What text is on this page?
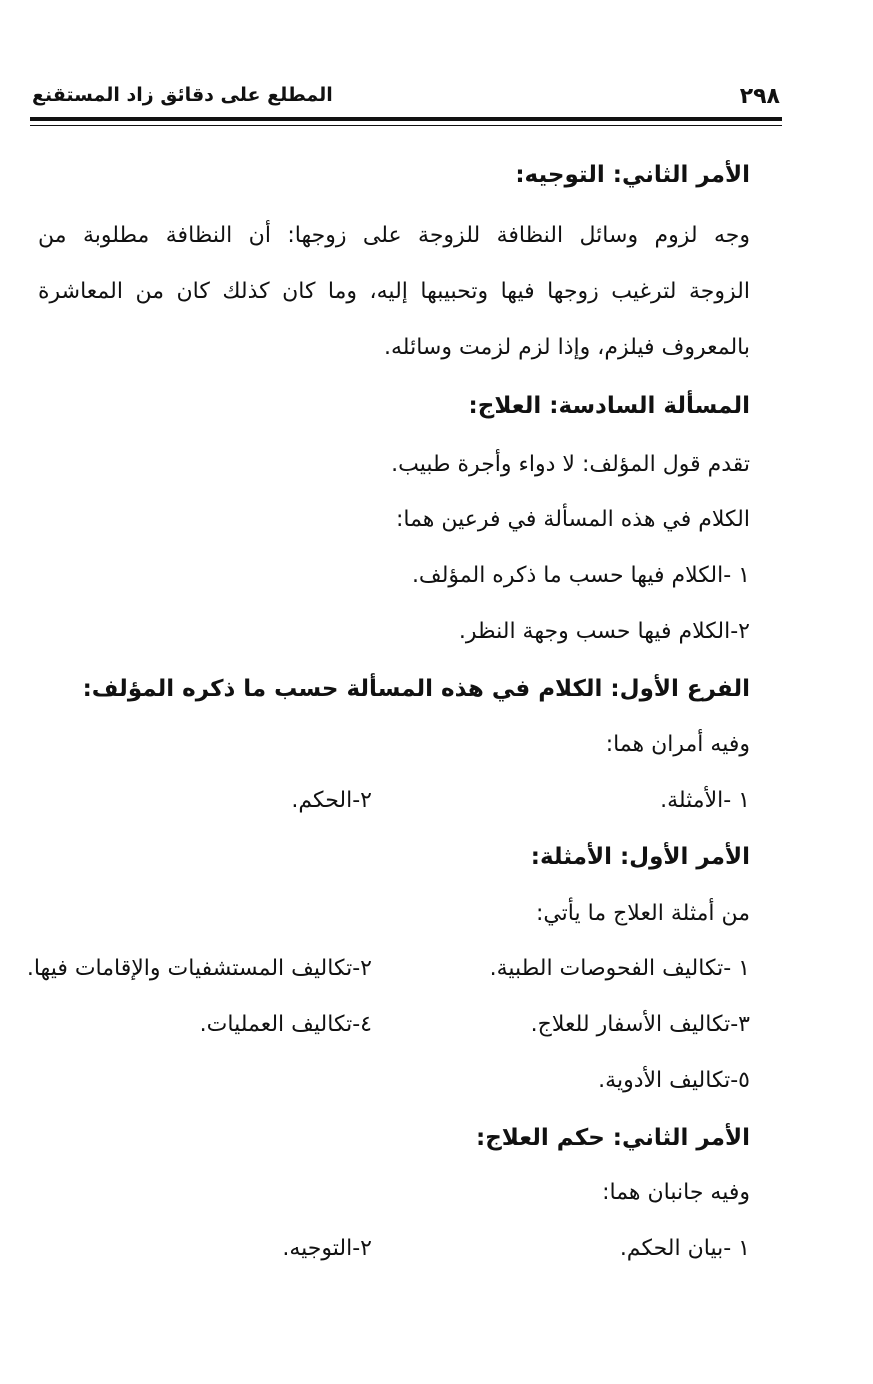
٢٩٨
المطلع على دقائق زاد المستقنع
الأمر الثاني: التوجيه:
وجه لزوم وسائل النظافة للزوجة على زوجها: أن النظافة مطلوبة من
الزوجة لترغيب زوجها فيها وتحبيبها إليه، وما كان كذلك كان من المعاشرة
بالمعروف فيلزم، وإذا لزم لزمت وسائله.
المسألة السادسة: العلاج:
تقدم قول المؤلف: لا دواء وأجرة طبيب.
الكلام في هذه المسألة في فرعين هما:
١ -الكلام فيها حسب ما ذكره المؤلف.
٢-الكلام فيها حسب وجهة النظر.
الفرع الأول: الكلام في هذه المسألة حسب ما ذكره المؤلف:
وفيه أمران هما:
١ -الأمثلة.
٢-الحكم.
الأمر الأول: الأمثلة:
من أمثلة العلاج ما يأتي:
١ -تكاليف الفحوصات الطبية.
٢-تكاليف المستشفيات والإقامات فيها.
٣-تكاليف الأسفار للعلاج.
٤-تكاليف العمليات.
٥-تكاليف الأدوية.
الأمر الثاني: حكم العلاج:
وفيه جانبان هما:
١ -بيان الحكم.
٢-التوجيه.
